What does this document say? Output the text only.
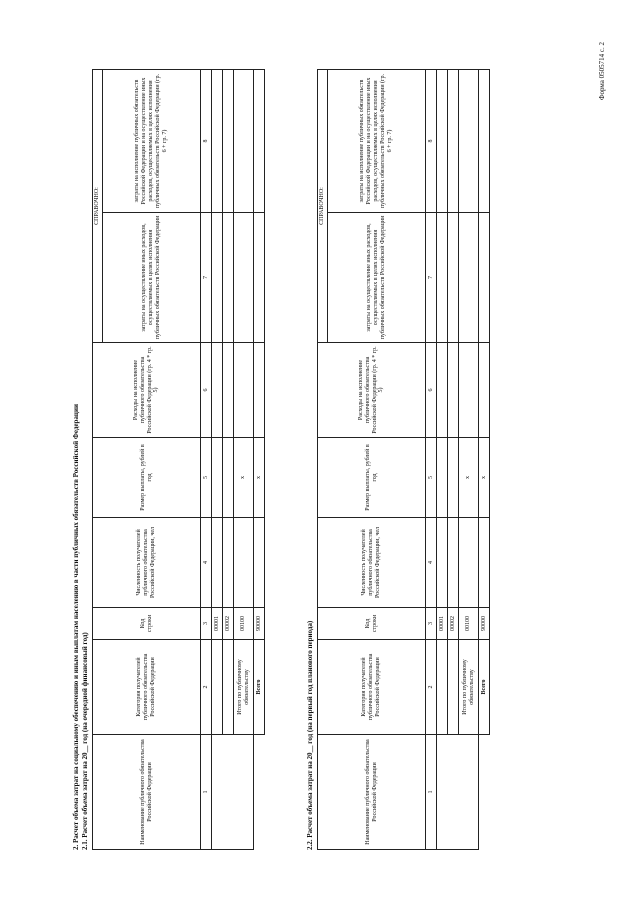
Форма 0505714 с. 2
2. Расчет объема затрат на социальному обеспечению и иным выплатам населению в части публичных обязательств Российской Федерации 2.1. Расчет объема затрат на 20__ год (на очередной финансовый год)	Наименование публичного обязательства Российской Федерации	Категория получателей публичного обязательства Российской Федерации	Код строки	Численность получателей публичного обязательства Российской Федерации, чел	Размер выплаты, рублей в год	Расходы на исполнение публичного обязательства Российской Федерации (гр. 4 * гр. 5)	СПРАВОЧНО:	
						затраты на осуществление иных расходов, осуществляемых в целях исполнения публичных обязательств Российской Федерации	затраты на исполнение публичных обязательств Российской Федерации и на осуществление иных расходов, осуществляемых в целях исполнения публичных обязательств Российской Федерации (гр. 6 + гр. 7)
1	2	3	4	5	6	7	8
		00001					
		00002					
	Итого по публичному обязательству	00100		x			
	Всего	90000		x			
2.2. Расчет объема затрат на 20__ год (на первый год планового периода)	Наименование публичного обязательства Российской Федерации	Категория получателей публичного обязательства Российской Федерации	Код строки	Численность получателей публичного обязательства Российской Федерации, чел	Размер выплаты, рублей в год	Расходы на исполнение публичного обязательства Российской Федерации (гр. 4 * гр. 5)	СПРАВОЧНО:	
						затраты на осуществление иных расходов, осуществляемых в целях исполнения публичных обязательств Российской Федерации	затраты на исполнение публичных обязательств Российской Федерации и на осуществление иных расходов, осуществляемых в целях исполнения публичных обязательств Российской Федерации (гр. 6 + гр. 7)
1	2	3	4	5	6	7	8
		00001					
		00002					
	Итого по публичному обязательству	00100		x			
	Всего	90000		x			
